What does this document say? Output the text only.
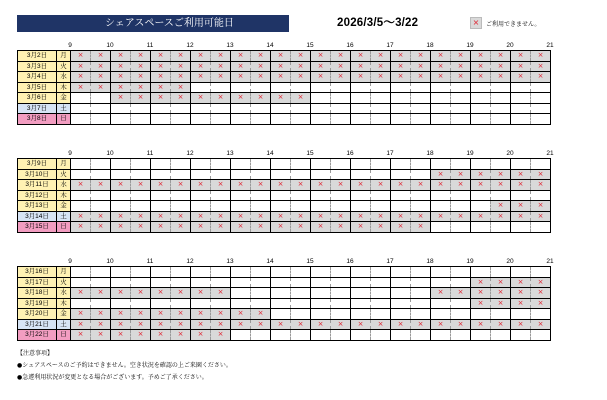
シェアスペースご利用可能日	2026/3/5～3/22	×	ご利用できません。
9	10	11	12	13	14	15	16	17	18	19	20	21
3月2日	月	×	×	×	×	×	×	×	×	×	×	×	×	×	×	×	×	×	×	×	×	×	×	×	×
3月3日	火	×	×	×	×	×	×	×	×	×	×	×	×	×	×	×	×	×	×	×	×	×	×	×	×
3月4日	水	×	×	×	×	×	×	×	×	×	×	×	×	×	×	×	×	×	×	×	×	×	×	×	×
3月5日	木	×	×	×	×	×	×																		
3月6日	金			×	×	×	×	×	×	×	×	×	×												
3月7日	土																								
3月8日	日																								
9	10	11	12	13	14	15	16	17	18	19	20	21
3月9日	月																								
3月10日	火																			×	×	×	×	×	×
3月11日	水	×	×	×	×	×	×	×	×	×	×	×	×	×	×	×	×	×	×	×	×	×	×	×	×
3月12日	木																								
3月13日	金																						×	×	×
3月14日	土	×	×	×	×	×	×	×	×	×	×	×	×	×	×	×	×	×	×	×	×	×	×	×	×
3月15日	日	×	×	×	×	×	×	×	×	×	×	×	×	×	×	×	×	×	×						
9	10	11	12	13	14	15	16	17	18	19	20	21
3月16日	月																								
3月17日	火																					×	×	×	×
3月18日	水	×	×	×	×	×	×	×	×											×	×	×	×	×	×
3月19日	木																					×	×	×	×
3月20日	金	×	×	×	×	×	×	×	×	×	×														
3月21日	土	×	×	×	×	×	×	×	×	×	×	×	×	×	×	×	×	×	×	×	×	×	×	×	×
3月22日	日	×	×	×	×	×	×	×	×																
【注意事項】
●シェアスペースのご予約はできません。空き状況を確認の上ご来園ください。
●急遽利用状況が変更となる場合がございます。予めご了承ください。
